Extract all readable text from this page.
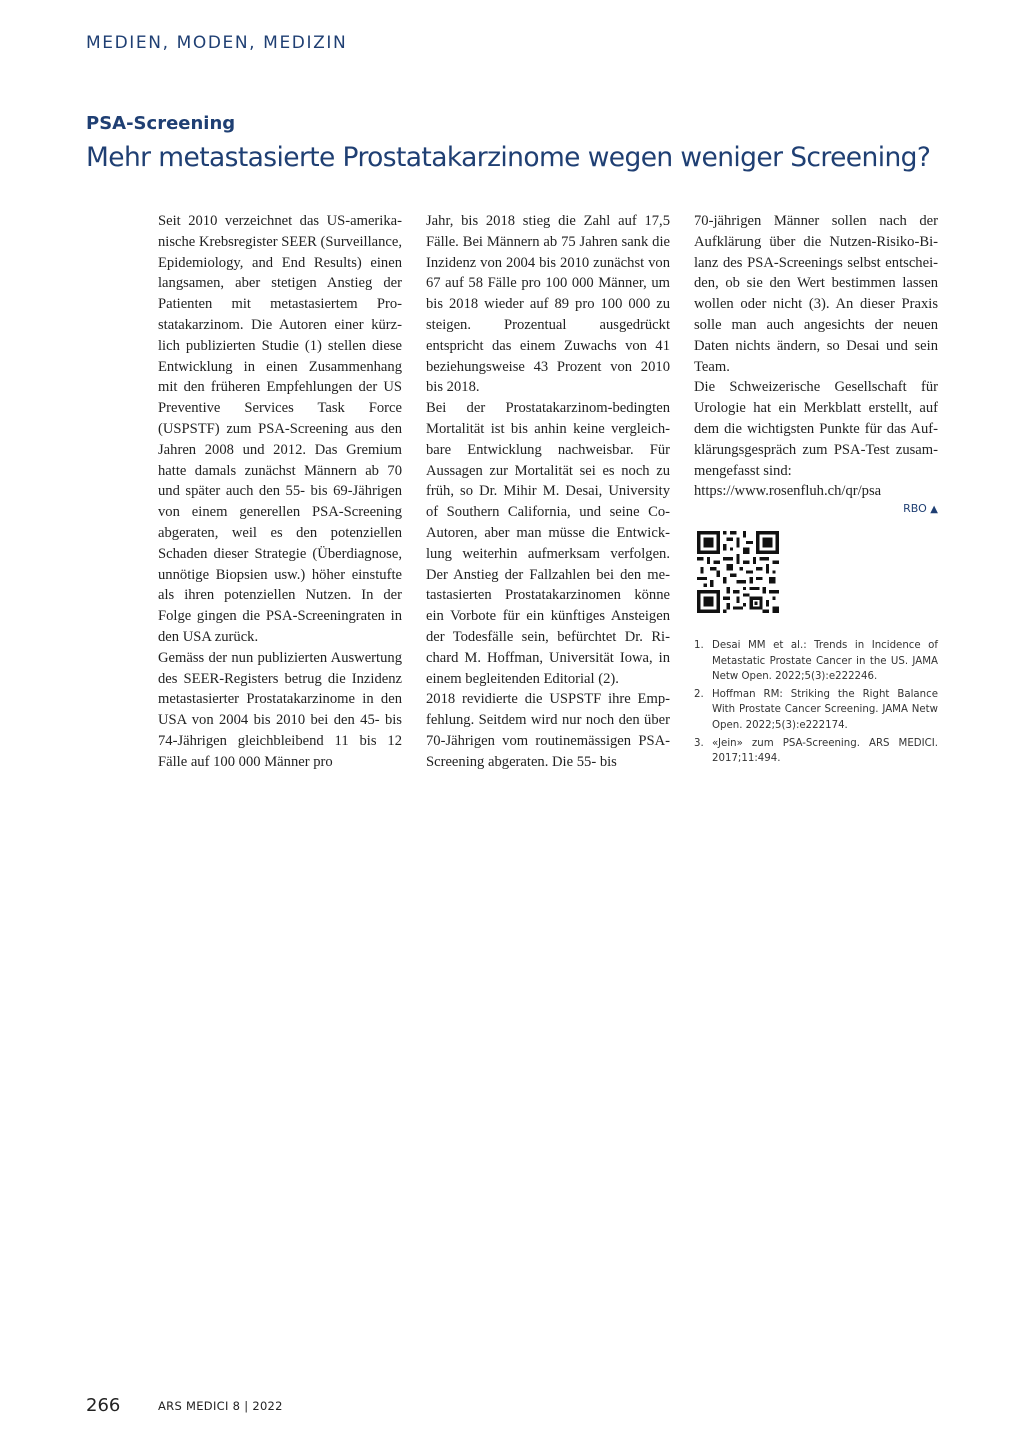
MEDIEN, MODEN, MEDIZIN
PSA-Screening
Mehr metastasierte Prostatakarzinome wegen weniger Screening?

Seit 2010 verzeichnet das US-amerikanische Krebsregister SEER (Surveillance, Epidemiology, and End Results) einen langsamen, aber stetigen Anstieg der Patienten mit metastasiertem Prostatakarzinom. Die Autoren einer kürzlich publizierten Studie (1) stellen diese Entwicklung in einen Zusammenhang mit den früheren Empfehlungen der US Preventive Services Task Force (USPSTF) zum PSA-Screening aus den Jahren 2008 und 2012. Das Gremium hatte damals zunächst Männern ab 70 und später auch den 55- bis 69-Jährigen von einem generellen PSA-Screening abgeraten, weil es den potenziellen Schaden dieser Strategie (Überdiagnose, unnötige Biopsien usw.) höher einstufte als ihren potenziellen Nutzen. In der Folge gingen die PSA-Screeningraten in den USA zurück.

Gemäss der nun publizierten Auswertung des SEER-Registers betrug die Inzidenz metastasierter Prostatakarzinome in den USA von 2004 bis 2010 bei den 45- bis 74-Jährigen gleichbleibend 11 bis 12 Fälle auf 100 000 Männer pro

Jahr, bis 2018 stieg die Zahl auf 17,5 Fälle. Bei Männern ab 75 Jahren sank die Inzidenz von 2004 bis 2010 zunächst von 67 auf 58 Fälle pro 100 000 Männer, um bis 2018 wieder auf 89 pro 100 000 zu steigen. Prozentual ausgedrückt entspricht das einem Zuwachs von 41 beziehungsweise 43 Prozent von 2010 bis 2018.

Bei der Prostatakarzinom-bedingten Mortalität ist bis anhin keine vergleichbare Entwicklung nachweisbar. Für Aussagen zur Mortalität sei es noch zu früh, so Dr. Mihir M. Desai, University of Southern California, und seine Co-Autoren, aber man müsse die Entwicklung weiterhin aufmerksam verfolgen. Der Anstieg der Fallzahlen bei den metastasierten Prostatakarzinomen könne ein Vorbote für ein künftiges Ansteigen der Todesfälle sein, befürchtet Dr. Richard M. Hoffman, Universität Iowa, in einem begleitenden Editorial (2).

2018 revidierte die USPSTF ihre Empfehlung. Seitdem wird nur noch den über 70-Jährigen vom routinemässigen PSA-Screening abgeraten. Die 55- bis

70-jährigen Männer sollen nach der Aufklärung über die Nutzen-Risiko-Bilanz des PSA-Screenings selbst entscheiden, ob sie den Wert bestimmen lassen wollen oder nicht (3). An dieser Praxis solle man auch angesichts der neuen Daten nichts ändern, so Desai und sein Team.

Die Schweizerische Gesellschaft für Urologie hat ein Merkblatt erstellt, auf dem die wichtigsten Punkte für das Aufklärungsgespräch zum PSA-Test zusammengefasst sind:

https://www.rosenfluh.ch/qr/psa

RBO ▲
1. Desai MM et al.: Trends in Incidence of Metastatic Prostate Cancer in the US. JAMA Netw Open. 2022;5(3):e222246.
2. Hoffman RM: Striking the Right Balance With Prostate Cancer Screening. JAMA Netw Open. 2022;5(3):e222174.
3. «Jein» zum PSA-Screening. ARS MEDICI. 2017;11:494.
266	ARS MEDICI 8 | 2022
